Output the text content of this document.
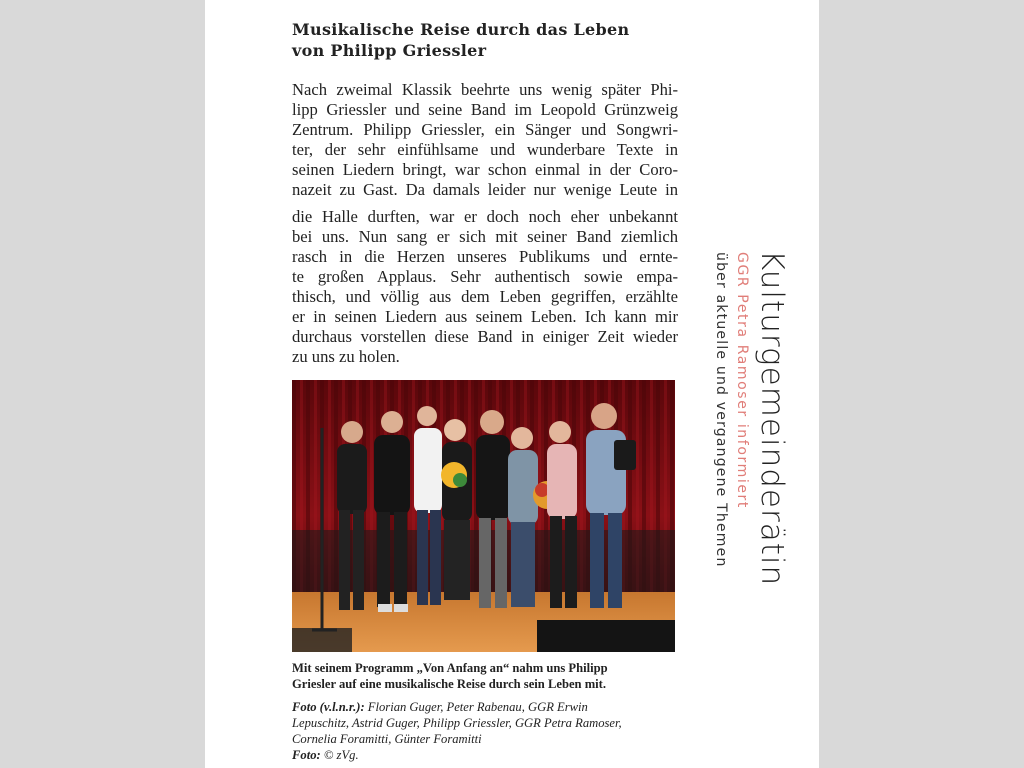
Musikalische Reise durch das Leben
von Philipp Griessler
Nach zweimal Klassik beehrte uns wenig später Phi-
lipp Griessler und seine Band im Leopold Grünzweig
Zentrum. Philipp Griessler, ein Sänger und Songwri-
ter, der sehr einfühlsame und wunderbare Texte in
seinen Liedern bringt, war schon einmal in der Coro-
nazeit zu Gast. Da damals leider nur wenige Leute in
die Halle durften, war er doch noch eher unbekannt
bei uns. Nun sang er sich mit seiner Band ziemlich
rasch in die Herzen unseres Publikums und ernte-
te großen Applaus. Sehr authentisch sowie empa-
thisch, und völlig aus dem Leben gegriffen, erzählte
er in seinen Liedern aus seinem Leben. Ich kann mir
durchaus vorstellen diese Band in einiger Zeit wieder
zu uns zu holen.
Mit seinem Programm „Von Anfang an“ nahm uns Philipp
Griesler auf eine musikalische Reise durch sein Leben mit.
Foto (v.l.n.r.): Florian Guger, Peter Rabenau, GGR Erwin
Lepuschitz, Astrid Guger, Philipp Griessler, GGR Petra Ramoser,
Cornelia Foramitti, Günter Foramitti
Foto: © zVg.
Kulturgemeinderätin
GGR Petra Ramoser informiert
über aktuelle und vergangene Themen
